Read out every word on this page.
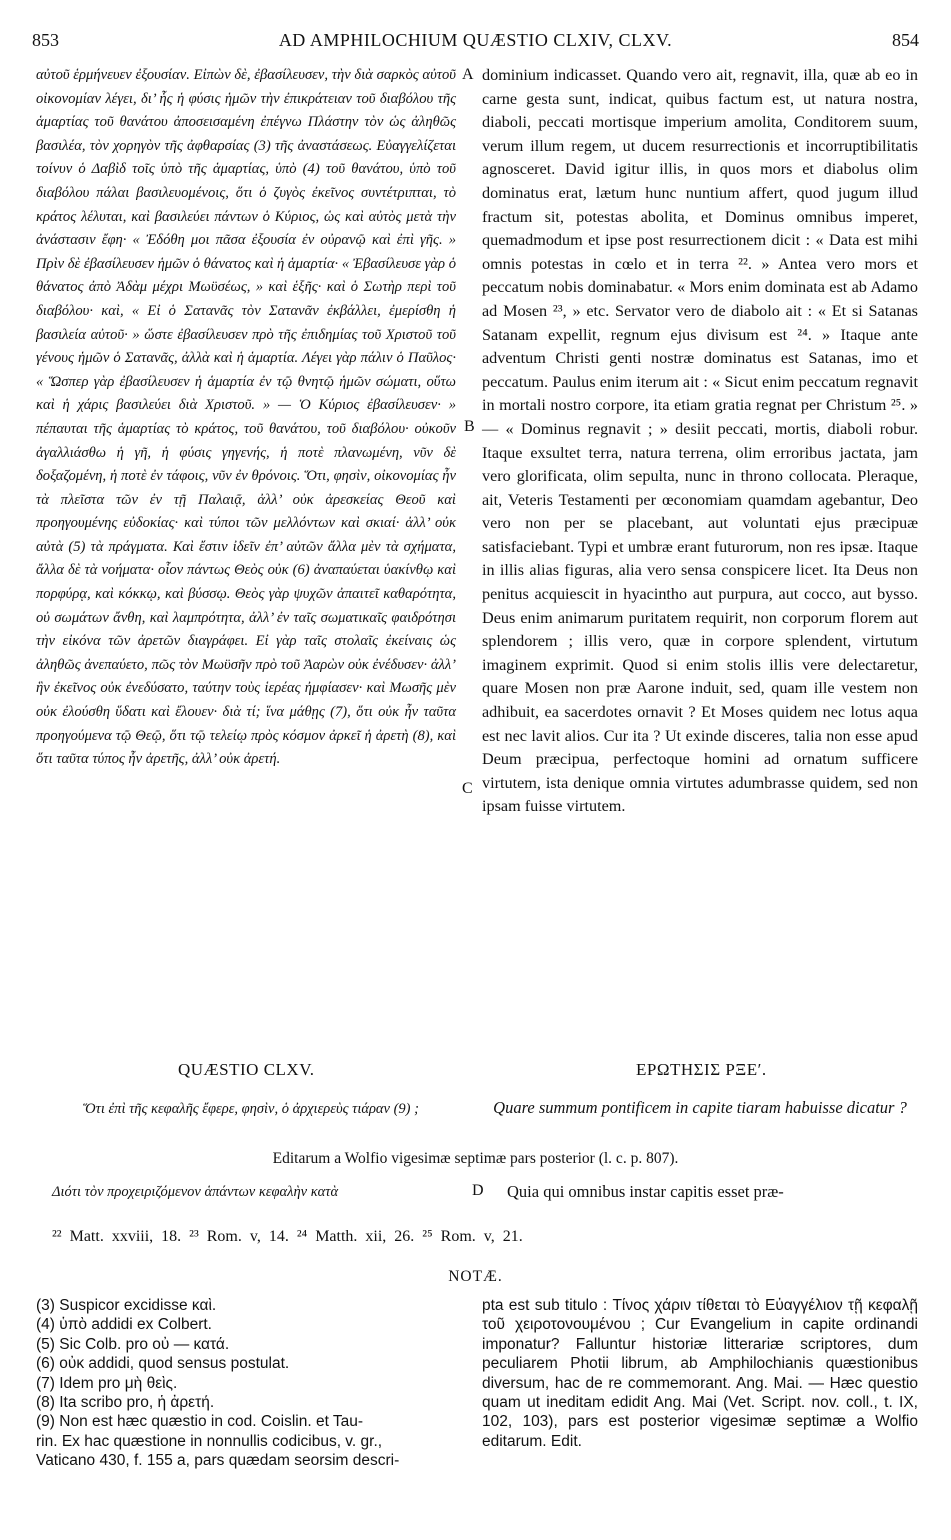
853	AD AMPHILOCHIUM QUÆSTIO CLXIV, CLXV.	854

αὐτοῦ ἑρμήνευεν ἐξουσίαν. Εἰπὼν δὲ, ἐβασίλευσεν, τὴν διὰ σαρκὸς αὐτοῦ οἰκονομίαν λέγει, δι’ ἧς ἡ φύσις ἡμῶν τὴν ἐπικράτειαν τοῦ διαβόλου τῆς ἁμαρτίας τοῦ θανάτου ἀποσεισαμένη ἐπέγνω Πλάστην τὸν ὡς ἀληθῶς βασιλέα, τὸν χορηγὸν τῆς ἀφθαρσίας (3) τῆς ἀναστάσεως. Εὐαγγελίζεται τοίνυν ὁ Δαβὶδ τοῖς ὑπὸ τῆς ἁμαρτίας, ὑπὸ (4) τοῦ θανάτου, ὑπὸ τοῦ διαβόλου πάλαι βασιλευομένοις, ὅτι ὁ ζυγὸς ἐκεῖνος συντέτριπται, τὸ κράτος λέλυται, καὶ βασιλεύει πάντων ὁ Κύριος, ὡς καὶ αὐτὸς μετὰ τὴν ἀνάστασιν ἔφη· « Ἐδόθη μοι πᾶσα ἐξουσία ἐν οὐρανῷ καὶ ἐπὶ γῆς. » Πρὶν δὲ ἐβασίλευσεν ἡμῶν ὁ θάνατος καὶ ἡ ἁμαρτία· « Ἐβασίλευσε γὰρ ὁ θάνατος ἀπὸ Ἀδὰμ μέχρι Μωϋσέως, » καὶ ἑξῆς· καὶ ὁ Σωτὴρ περὶ τοῦ διαβόλου· καὶ, « Εἰ ὁ Σατανᾶς τὸν Σατανᾶν ἐκβάλλει, ἐμερίσθη ἡ βασιλεία αὐτοῦ· » ὥστε ἐβασίλευσεν πρὸ τῆς ἐπιδημίας τοῦ Χριστοῦ τοῦ γένους ἡμῶν ὁ Σατανᾶς, ἀλλὰ καὶ ἡ ἁμαρτία. Λέγει γὰρ πάλιν ὁ Παῦλος· « Ὥσπερ γὰρ ἐβασίλευσεν ἡ ἁμαρτία ἐν τῷ θνητῷ ἡμῶν σώματι, οὕτω καὶ ἡ χάρις βασιλεύει διὰ Χριστοῦ. » — Ὁ Κύριος ἐβασίλευσεν· » πέπαυται τῆς ἁμαρτίας τὸ κράτος, τοῦ θανάτου, τοῦ διαβόλου· οὐκοῦν ἀγαλλιάσθω ἡ γῆ, ἡ φύσις γηγενής, ἡ ποτὲ πλανωμένη, νῦν δὲ δοξαζομένη, ἡ ποτὲ ἐν τάφοις, νῦν ἐν θρόνοις. Ὅτι, φησὶν, οἰκονομίας ἦν τὰ πλεῖστα τῶν ἐν τῇ Παλαιᾷ, ἀλλ’ οὐκ ἀρεσκείας Θεοῦ καὶ προηγουμένης εὐδοκίας· καὶ τύποι τῶν μελλόντων καὶ σκιαί· ἀλλ’ οὐκ αὐτὰ (5) τὰ πράγματα. Καὶ ἔστιν ἰδεῖν ἐπ’ αὐτῶν ἄλλα μὲν τὰ σχήματα, ἄλλα δὲ τὰ νοήματα· οἷον πάντως Θεὸς οὐκ (6) ἀναπαύεται ὑακίνθῳ καὶ πορφύρᾳ, καὶ κόκκῳ, καὶ βύσσῳ. Θεὸς γὰρ ψυχῶν ἀπαιτεῖ καθαρότητα, οὐ σωμάτων ἄνθη, καὶ λαμπρότητα, ἀλλ’ ἐν ταῖς σωματικαῖς φαιδρότησι τὴν εἰκόνα τῶν ἀρετῶν διαγράφει. Εἰ γὰρ ταῖς στολαῖς ἐκείναις ὡς ἀληθῶς ἀνεπαύετο, πῶς τὸν Μωϋσῆν πρὸ τοῦ Ἀαρὼν οὐκ ἐνέδυσεν· ἀλλ’ ἣν ἐκεῖνος οὐκ ἐνεδύσατο, ταύτην τοὺς ἱερέας ἠμφίασεν· καὶ Μωσῆς μὲν οὐκ ἐλούσθη ὕδατι καὶ ἔλουεν· διὰ τί; ἵνα μάθῃς (7), ὅτι οὐκ ἦν ταῦτα προηγούμενα τῷ Θεῷ, ὅτι τῷ τελείῳ πρὸς κόσμον ἀρκεῖ ἡ ἀρετὴ (8), καὶ ὅτι ταῦτα τύπος ἦν ἀρετῆς, ἀλλ’ οὐκ ἀρετή.

dominium indicasset. Quando vero ait, regnavit, illa, quæ ab eo in carne gesta sunt, indicat, quibus factum est, ut natura nostra, diaboli, peccati mortisque imperium amolita, Conditorem suum, verum illum regem, ut ducem resurrectionis et incorruptibilitatis agnosceret. David igitur illis, in quos mors et diabolus olim dominatus erat, lætum hunc nuntium affert, quod jugum illud fractum sit, potestas abolita, et Dominus omnibus imperet, quemadmodum et ipse post resurrectionem dicit : « Data est mihi omnis potestas in cœlo et in terra ²². » Antea vero mors et peccatum nobis dominabatur. « Mors enim dominata est ab Adamo ad Mosen ²³, » etc. Servator vero de diabolo ait : « Et si Satanas Satanam expellit, regnum ejus divisum est ²⁴. » Itaque ante adventum Christi genti nostræ dominatus est Satanas, imo et peccatum. Paulus enim iterum ait : « Sicut enim peccatum regnavit in mortali nostro corpore, ita etiam gratia regnat per Christum ²⁵. » — « Dominus regnavit ; » desiit peccati, mortis, diaboli robur. Itaque exsultet terra, natura terrena, olim erroribus jactata, jam vero glorificata, olim sepulta, nunc in throno collocata. Pleraque, ait, Veteris Testamenti per œconomiam quamdam agebantur, Deo vero non per se placebant, aut voluntati ejus præcipuæ satisfaciebant. Typi et umbræ erant futurorum, non res ipsæ. Itaque in illis alias figuras, alia vero sensa conspicere licet. Ita Deus non penitus acquiescit in hyacintho aut purpura, aut cocco, aut bysso. Deus enim animarum puritatem requirit, non corporum florem aut splendorem ; illis vero, quæ in corpore splendent, virtutum imaginem exprimit. Quod si enim stolis illis vere delectaretur, quare Mosen non præ Aarone induit, sed, quam ille vestem non adhibuit, ea sacerdotes ornavit ? Et Moses quidem nec lotus aqua est nec lavit alios. Cur ita ? Ut exinde disceres, talia non esse apud Deum præcipua, perfectoque homini ad ornatum sufficere virtutem, ista denique omnia virtutes adumbrasse quidem, sed non ipsam fuisse virtutem.

A
B
C
QUÆSTIO CLXV.	ΕΡΩΤΗΣΙΣ ΡΞΕʹ.
Ὅτι ἐπὶ τῆς κεφαλῆς ἔφερε, φησὶν, ὁ ἀρχιερεὺς τιάραν (9) ;	Quare summum pontificem in capite tiaram habuisse dicatur ?
Editarum a Wolfio vigesimæ septimæ pars posterior (l. c. p. 807).
Διότι τὸν προχειριζόμενον ἁπάντων κεφαλὴν κατὰ	D Quia qui omnibus instar capitis esset præ-
²² Matt. xxviii, 18. ²³ Rom. v, 14. ²⁴ Matth. xii, 26. ²⁵ Rom. v, 21.
NOTÆ.
(3) Suspicor excidisse καὶ.
(4) ὑπὸ addidi ex Colbert.
(5) Sic Colb. pro οὐ — κατά.
(6) οὐκ addidi, quod sensus postulat.
(7) Idem pro μὴ θεὶς.
(8) Ita scribo pro, ἡ ἀρετή.
(9) Non est hæc quæstio in cod. Coislin. et Tau-
rin. Ex hac quæstione in nonnullis codicibus, v. gr.,
Vaticano 430, f. 155 a, pars quædam seorsim descri-

pta est sub titulo : Τίνος χάριν τίθεται τὸ Εὐαγγέλιον τῇ κεφαλῇ τοῦ χειροτονουμένου ; Cur Evangelium in capite ordinandi imponatur? Falluntur historiæ litterariæ scriptores, dum peculiarem Photii librum, ab Amphilochianis quæstionibus diversum, hac de re commemorant. Ang. Mai. — Hæc questio quam ut ineditam edidit Ang. Mai (Vet. Script. nov. coll., t. IX, 102, 103), pars est posterior vigesimæ septimæ a Wolfio editarum. Edit.
